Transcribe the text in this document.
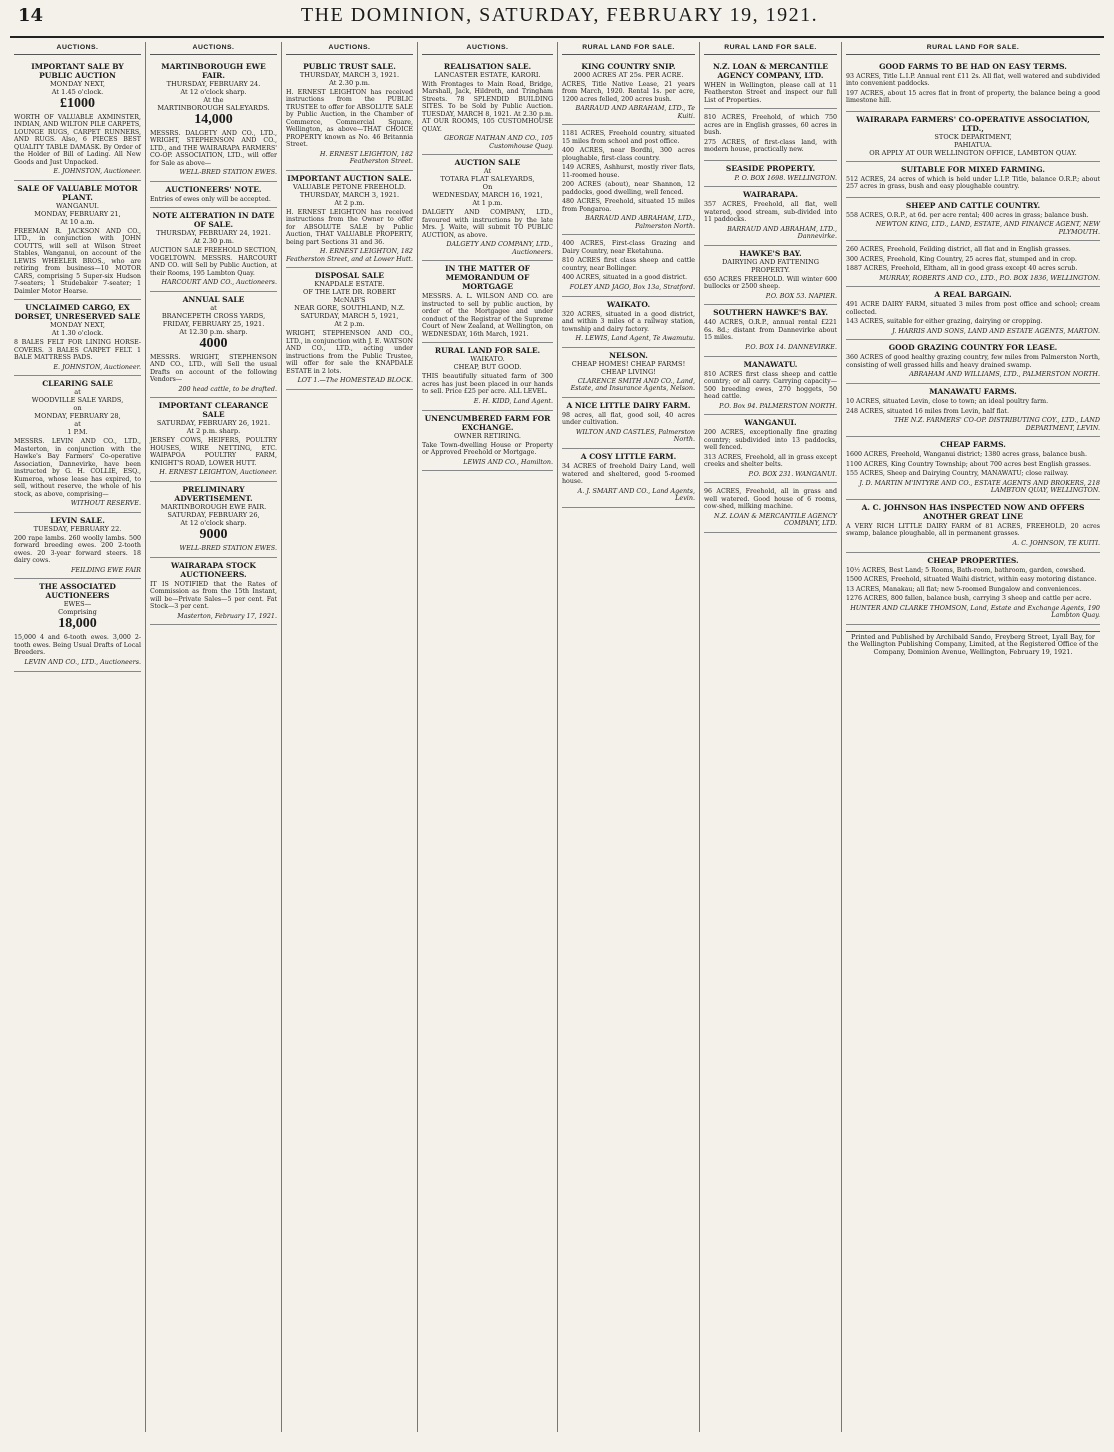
14	THE DOMINION, SATURDAY, FEBRUARY 19, 1921.
AUCTIONS.
IMPORTANT SALE BY PUBLIC AUCTION
MONDAY NEXT,
At 1.45 o'clock.
£1000
WORTH OF VALUABLE AXMINSTER, INDIAN, AND WILTON PILE CARPETS, LOUNGE RUGS, CARPET RUNNERS, AND RUGS. Also, 6 PIECES BEST QUALITY TABLE DAMASK. By Order of the Holder of Bill of Lading. All New Goods and Just Unpacked.
E. JOHNSTON, Auctioneer.
SALE OF VALUABLE MOTOR PLANT.
WANGANUI.
MONDAY, FEBRUARY 21,
At 10 a.m.
FREEMAN R. JACKSON AND CO., LTD., in conjunction with JOHN COUTTS, will sell at Wilson Street Stables, Wanganui, on account of the LEWIS WHEELER BROS., who are retiring from business—10 MOTOR CARS, comprising 5 Super-six Hudson 7-seaters; 1 Studebaker 7-seater; 1 Daimler Motor Hearse.
UNCLAIMED CARGO, EX DORSET, UNRESERVED SALE
MONDAY NEXT,
At 1.30 o'clock.
8 BALES FELT FOR LINING HORSE-COVERS. 3 BALES CARPET FELT. 1 BALE MATTRESS PADS.
E. JOHNSTON, Auctioneer.
CLEARING SALE
at
WOODVILLE SALE YARDS,
on
MONDAY, FEBRUARY 28,
at
1 P.M.
MESSRS. LEVIN AND CO., LTD., Masterton, in conjunction with the Hawke's Bay Farmers' Co-operative Association, Dannevirke, have been instructed by G. H. COLLIE, ESQ., Kumeroa, whose lease has expired, to sell, without reserve, the whole of his stock, as above, comprising—
WITHOUT RESERVE.
LEVIN SALE.
TUESDAY, FEBRUARY 22.
200 rape lambs. 260 woolly lambs. 500 forward breeding ewes. 200 2-tooth ewes. 20 3-year forward steers. 18 dairy cows.
FEILDING EWE FAIR
THE ASSOCIATED AUCTIONEERS
EWES—
Comprising
18,000
15,000 4 and 6-tooth ewes. 3,000 2-tooth ewes. Being Usual Drafts of Local Breeders.
LEVIN AND CO., LTD., Auctioneers.
AUCTIONS.
MARTINBOROUGH EWE FAIR.
THURSDAY, FEBRUARY 24.
At 12 o'clock sharp.
At the
MARTINBOROUGH SALEYARDS.
14,000
MESSRS. DALGETY AND CO., LTD., WRIGHT, STEPHENSON AND CO., LTD., and THE WAIRARAPA FARMERS' CO-OP. ASSOCIATION, LTD., will offer for Sale as above—
WELL-BRED STATION EWES.
AUCTIONEERS' NOTE.
Entries of ewes only will be accepted.
NOTE ALTERATION IN DATE OF SALE.
THURSDAY, FEBRUARY 24, 1921.
At 2.30 p.m.
AUCTION SALE FREEHOLD SECTION, VOGELTOWN. MESSRS. HARCOURT AND CO. will Sell by Public Auction, at their Rooms, 195 Lambton Quay.
HARCOURT AND CO., Auctioneers.
ANNUAL SALE
at
BRANCEPETH CROSS YARDS,
FRIDAY, FEBRUARY 25, 1921.
At 12.30 p.m. sharp.
4000
MESSRS. WRIGHT, STEPHENSON AND CO., LTD., will Sell the usual Drafts on account of the following Vendors—
200 head cattle, to be drafted.
IMPORTANT CLEARANCE SALE
SATURDAY, FEBRUARY 26, 1921.
At 2 p.m. sharp.
JERSEY COWS, HEIFERS, POULTRY HOUSES, WIRE NETTING, ETC. WAIPAPOA POULTRY FARM, KNIGHT'S ROAD, LOWER HUTT.
H. ERNEST LEIGHTON, Auctioneer.
PRELIMINARY ADVERTISEMENT.
MARTINBOROUGH EWE FAIR.
SATURDAY, FEBRUARY 26,
At 12 o'clock sharp.
9000
WELL-BRED STATION EWES.
WAIRARAPA STOCK AUCTIONEERS.
IT IS NOTIFIED that the Rates of Commission as from the 15th Instant, will be—Private Sales—5 per cent. Fat Stock—3 per cent.
Masterton, February 17, 1921.
AUCTIONS.
PUBLIC TRUST SALE.
THURSDAY, MARCH 3, 1921.
At 2.30 p.m.
H. ERNEST LEIGHTON has received instructions from the PUBLIC TRUSTEE to offer for ABSOLUTE SALE by Public Auction, in the Chamber of Commerce, Commercial Square, Wellington, as above—THAT CHOICE PROPERTY known as No. 46 Britannia Street.
H. ERNEST LEIGHTON, 182 Featherston Street.
IMPORTANT AUCTION SALE.
VALUABLE PETONE FREEHOLD.
THURSDAY, MARCH 3, 1921.
At 2 p.m.
H. ERNEST LEIGHTON has received instructions from the Owner to offer for ABSOLUTE SALE by Public Auction, THAT VALUABLE PROPERTY, being part Sections 31 and 36.
H. ERNEST LEIGHTON, 182 Featherston Street, and at Lower Hutt.
DISPOSAL SALE
KNAPDALE ESTATE.
OF THE LATE DR. ROBERT McNAB'S
NEAR GORE, SOUTHLAND, N.Z.
SATURDAY, MARCH 5, 1921,
At 2 p.m.
WRIGHT, STEPHENSON AND CO., LTD., in conjunction with J. E. WATSON AND CO., LTD., acting under instructions from the Public Trustee, will offer for sale the KNAPDALE ESTATE in 2 lots.
LOT 1.—The HOMESTEAD BLOCK.
AUCTIONS.
REALISATION SALE.
LANCASTER ESTATE, KARORI.
With Frontages to Main Road, Bridge, Marshall, Jack, Hildreth, and Tringham Streets. 78 SPLENDID BUILDING SITES. To be Sold by Public Auction. TUESDAY, MARCH 8, 1921. At 2.30 p.m. AT OUR ROOMS, 105 CUSTOMHOUSE QUAY.
GEORGE NATHAN AND CO., 105 Customhouse Quay.
AUCTION SALE
At
TOTARA FLAT SALEYARDS,
On
WEDNESDAY, MARCH 16, 1921,
At 1 p.m.
DALGETY AND COMPANY, LTD., favoured with instructions by the late Mrs. J. Waite, will submit TO PUBLIC AUCTION, as above.
DALGETY AND COMPANY, LTD., Auctioneers.
IN THE MATTER OF MEMORANDUM OF MORTGAGE
MESSRS. A. L. WILSON AND CO. are instructed to sell by public auction, by order of the Mortgagee and under conduct of the Registrar of the Supreme Court of New Zealand, at Wellington, on WEDNESDAY, 16th March, 1921.
RURAL LAND FOR SALE.
WAIKATO.
CHEAP, BUT GOOD.
THIS beautifully situated farm of 300 acres has just been placed in our hands to sell. Price £25 per acre. ALL LEVEL.
E. H. KIDD, Land Agent.
UNENCUMBERED FARM FOR EXCHANGE.
OWNER RETIRING.
Take Town-dwelling House or Property or Approved Freehold or Mortgage.
LEWIS AND CO., Hamilton.
RURAL LAND FOR SALE.
KING COUNTRY SNIP.
2000 ACRES AT 25s. PER ACRE.
ACRES, Title Native Lease, 21 years from March, 1920. Rental 1s. per acre, 1200 acres felled, 200 acres bush.
BARRAUD AND ABRAHAM, LTD., Te Kuiti.
1181 ACRES, Freehold country, situated 15 miles from school and post office.
400 ACRES, near Bordhi, 300 acres ploughable, first-class country.
149 ACRES, Ashhurst, mostly river flats, 11-roomed house.
200 ACRES (about), near Shannon, 12 paddocks, good dwelling, well fenced.
480 ACRES, Freehold, situated 15 miles from Pongaroa.
BARRAUD AND ABRAHAM, LTD., Palmerston North.
400 ACRES, First-class Grazing and Dairy Country, near Eketahuna.
810 ACRES first class sheep and cattle country, near Bollinger.
400 ACRES, situated in a good district.
FOLEY AND JAGO, Box 13a, Stratford.
WAIKATO.
320 ACRES, situated in a good district, and within 3 miles of a railway station, township and dairy factory.
H. LEWIS, Land Agent, Te Awamutu.
NELSON.
CHEAP HOMES! CHEAP FARMS! CHEAP LIVING!
CLARENCE SMITH AND CO., Land, Estate, and Insurance Agents, Nelson.
A NICE LITTLE DAIRY FARM.
98 acres, all flat, good soil, 40 acres under cultivation.
WILTON AND CASTLES, Palmerston North.
A COSY LITTLE FARM.
34 ACRES of freehold Dairy Land, well watered and sheltered, good 5-roomed house.
A. J. SMART AND CO., Land Agents, Levin.
RURAL LAND FOR SALE.
N.Z. LOAN & MERCANTILE AGENCY COMPANY, LTD.
WHEN in Wellington, please call at 11 Featherston Street and inspect our full List of Properties.
810 ACRES, Freehold, of which 750 acres are in English grasses, 60 acres in bush.
275 ACRES, of first-class land, with modern house, practically new.
SEASIDE PROPERTY.
P. O. BOX 1698. WELLINGTON.
WAIRARAPA.
357 ACRES, Freehold, all flat, well watered, good stream, sub-divided into 11 paddocks.
BARRAUD AND ABRAHAM, LTD., Dannevirke.
HAWKE'S BAY.
DAIRYING AND FATTENING PROPERTY.
650 ACRES FREEHOLD. Will winter 600 bullocks or 2500 sheep.
P.O. BOX 53. NAPIER.
SOUTHERN HAWKE'S BAY.
440 ACRES, O.R.P., annual rental £221 6s. 8d.; distant from Dannevirke about 15 miles.
P.O. BOX 14. DANNEVIRKE.
MANAWATU.
810 ACRES first class sheep and cattle country; or all carry. Carrying capacity—500 breeding ewes, 270 hoggets, 50 head cattle.
P.O. Box 94. PALMERSTON NORTH.
WANGANUI.
200 ACRES, exceptionally fine grazing country; subdivided into 13 paddocks, well fenced.
313 ACRES, Freehold, all in grass except creeks and shelter belts.
P.O. BOX 231. WANGANUI.
96 ACRES, Freehold, all in grass and well watered. Good house of 6 rooms, cow-shed, milking machine.
N.Z. LOAN & MERCANTILE AGENCY COMPANY, LTD.
RURAL LAND FOR SALE.
GOOD FARMS TO BE HAD ON EASY TERMS.
93 ACRES, Title L.I.P. Annual rent £11 2s. All flat, well watered and subdivided into convenient paddocks.
197 ACRES, about 15 acres flat in front of property, the balance being a good limestone hill.
WAIRARAPA FARMERS' CO-OPERATIVE ASSOCIATION, LTD.,
STOCK DEPARTMENT,
PAHIATUA.
OR APPLY AT OUR WELLINGTON OFFICE, LAMBTON QUAY.
SUITABLE FOR MIXED FARMING.
512 ACRES, 24 acres of which is held under L.I.P. Title, balance O.R.P.; about 257 acres in grass, bush and easy ploughable country.
SHEEP AND CATTLE COUNTRY.
558 ACRES, O.R.P., at 6d. per acre rental; 400 acres in grass; balance bush.
NEWTON KING, LTD., LAND, ESTATE, AND FINANCE AGENT, NEW PLYMOUTH.
260 ACRES, Freehold, Feilding district, all flat and in English grasses.
300 ACRES, Freehold, King Country, 25 acres flat, stumped and in crop.
1887 ACRES, Freehold, Eltham, all in good grass except 40 acres scrub.
MURRAY, ROBERTS AND CO., LTD., P.O. BOX 1836, WELLINGTON.
A REAL BARGAIN.
491 ACRE DAIRY FARM, situated 3 miles from post office and school; cream collected.
143 ACRES, suitable for either grazing, dairying or cropping.
J. HARRIS AND SONS, LAND AND ESTATE AGENTS, MARTON.
GOOD GRAZING COUNTRY FOR LEASE.
360 ACRES of good healthy grazing country, few miles from Palmerston North, consisting of well grassed hills and heavy drained swamp.
ABRAHAM AND WILLIAMS, LTD., PALMERSTON NORTH.
MANAWATU FARMS.
10 ACRES, situated Levin, close to town; an ideal poultry farm.
248 ACRES, situated 16 miles from Levin, half flat.
THE N.Z. FARMERS' CO-OP. DISTRIBUTING COY., LTD., LAND DEPARTMENT, LEVIN.
CHEAP FARMS.
1600 ACRES, Freehold, Wanganui district; 1380 acres grass, balance bush.
1100 ACRES, King Country Township; about 700 acres best English grasses.
155 ACRES, Sheep and Dairying Country, MANAWATU; close railway.
J. D. MARTIN M'INTYRE AND CO., ESTATE AGENTS AND BROKERS, 218 LAMBTON QUAY, WELLINGTON.
A. C. JOHNSON HAS INSPECTED NOW AND OFFERS ANOTHER GREAT LINE
A VERY RICH LITTLE DAIRY FARM of 81 ACRES, FREEHOLD, 20 acres swamp, balance ploughable, all in permanent grasses.
A. C. JOHNSON, TE KUITI.
CHEAP PROPERTIES.
10½ ACRES, Best Land; 5 Rooms, Bath-room, bathroom, garden, cowshed.
1500 ACRES, Freehold, situated Waihi district, within easy motoring distance.
13 ACRES, Manakau; all flat; new 5-roomed Bungalow and conveniences.
1276 ACRES, 800 fallen, balance bush, carrying 3 sheep and cattle per acre.
HUNTER AND CLARKE THOMSON, Land, Estate and Exchange Agents, 190 Lambton Quay.
Printed and Published by Archibald Sando, Freyberg Street, Lyall Bay, for the Wellington Publishing Company, Limited, at the Registered Office of the Company, Dominion Avenue, Wellington, February 19, 1921.
